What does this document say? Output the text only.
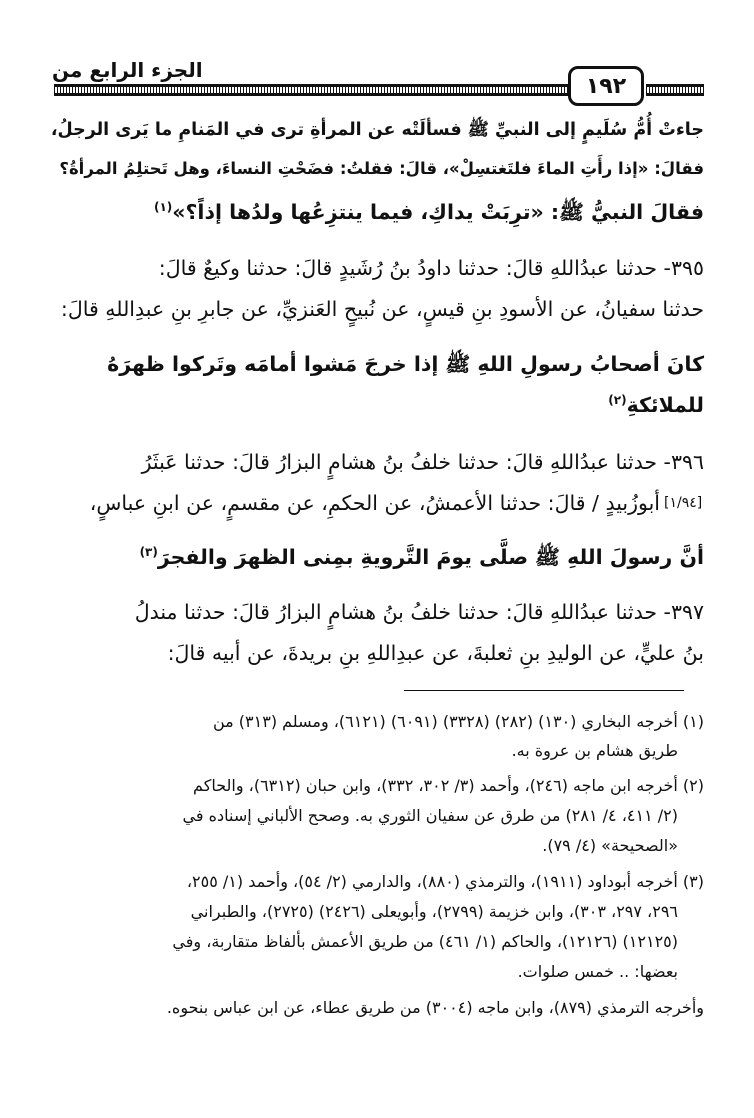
الجزء الرابع من
١٩٢
جاءتْ أُمُّ سُلَيمٍ إلى النبيِّ ﷺ فسألَتْه عن المرأةِ ترى في المَنامِ ما يَرى الرجلُ،
فقالَ: «إذا رأَتِ الماءَ فلتَغتسِلْ»، قالَ: فقلتُ: فضَحْتِ النساءَ، وهل تَحتلِمُ المرأةُ؟
فقالَ النبيُّ ﷺ: «ترِبَتْ يداكِ، فيما ينتزِعُها ولدُها إذاً؟»$^{(١)}$
٣٩٥- حدثنا عبدُاللهِ قالَ: حدثنا داودُ بنُ رُشَيدٍ قالَ: حدثنا وكيعٌ قالَ:
حدثنا سفيانُ، عن الأسودِ بنِ قيسٍ، عن نُبيحٍ العَنزيِّ، عن جابرِ بنِ عبدِاللهِ قالَ:
كانَ أصحابُ رسولِ اللهِ ﷺ إذا خرجَ مَشوا أمامَه وتَركوا ظهرَهُ
للملائكةِ$^{(٢)}$
٣٩٦- حدثنا عبدُاللهِ قالَ: حدثنا خلفُ بنُ هشامٍ البزارُ قالَ: حدثنا عَبثَرُ
أبوزُبيدٍ / قالَ: حدثنا الأعمشُ، عن الحكمِ، عن مقسمٍ، عن ابنِ عباسٍ، [١/٩٤]
أنَّ رسولَ اللهِ ﷺ صلَّى يومَ التَّرويةِ بمِنى الظهرَ والفجرَ$^{(٣)}$
٣٩٧- حدثنا عبدُاللهِ قالَ: حدثنا خلفُ بنُ هشامٍ البزارُ قالَ: حدثنا مندلُ
بنُ عليٍّ، عن الوليدِ بنِ ثعلبةَ، عن عبدِاللهِ بنِ بريدةَ، عن أبيه قالَ:
(١) أخرجه البخاري (١٣٠) (٢٨٢) (٣٣٢٨) (٦٠٩١) (٦١٢١)، ومسلم (٣١٣) من
طريق هشام بن عروة به.
(٢) أخرجه ابن ماجه (٢٤٦)، وأحمد (٣/ ٣٠٢، ٣٣٢)، وابن حبان (٦٣١٢)، والحاكم
(٢/ ٤١١، ٤/ ٢٨١) من طرق عن سفيان الثوري به. وصحح الألباني إسناده في
«الصحيحة» (٤/ ٧٩).
(٣) أخرجه أبوداود (١٩١١)، والترمذي (٨٨٠)، والدارمي (٢/ ٥٤)، وأحمد (١/ ٢٥٥،
٢٩٦، ٢٩٧، ٣٠٣)، وابن خزيمة (٢٧٩٩)، وأبويعلى (٢٤٢٦) (٢٧٢٥)، والطبراني
(١٢١٢٥) (١٢١٢٦)، والحاكم (١/ ٤٦١) من طريق الأعمش بألفاظ متقاربة، وفي
بعضها: .. خمس صلوات.
وأخرجه الترمذي (٨٧٩)، وابن ماجه (٣٠٠٤) من طريق عطاء، عن ابن عباس بنحوه.
